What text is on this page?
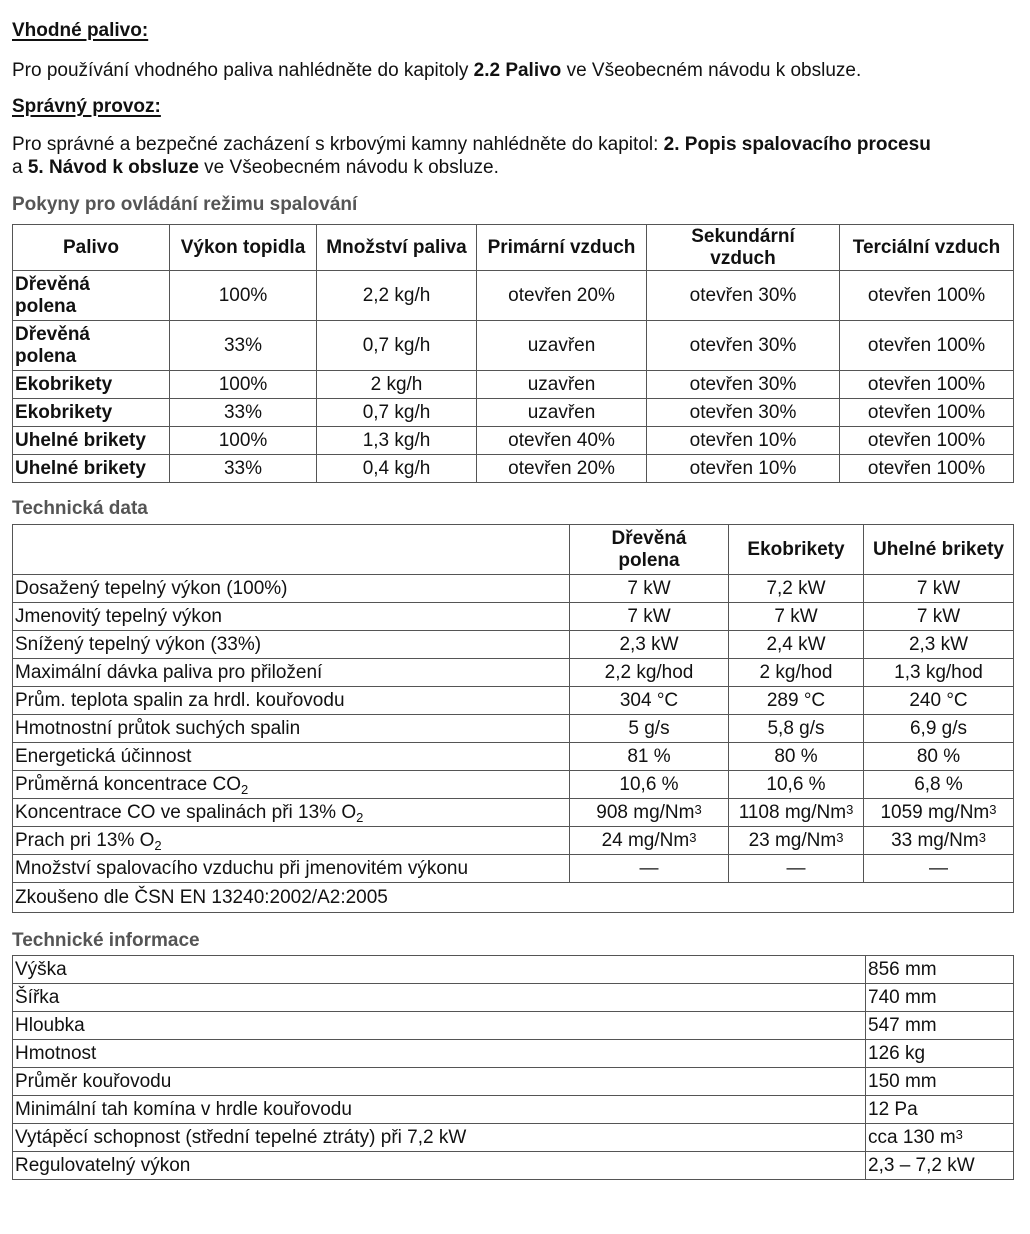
Vhodné palivo:
Pro používání vhodného paliva nahlédněte do kapitoly 2.2 Palivo ve Všeobecném návodu k obsluze.
Správný provoz:
Pro správné a bezpečné zacházení s krbovými kamny nahlédněte do kapitol: 2. Popis spalovacího procesu
a 5. Návod k obsluze ve Všeobecném návodu k obsluze.
Pokyny pro ovládání režimu spalování
Palivo	Výkon topidla	Množství paliva	Primární vzduch	Sekundární vzduch	Terciální vzduch
Dřevěná polena	100%	2,2 kg/h	otevřen 20%	otevřen 30%	otevřen 100%
Dřevěná polena	33%	0,7 kg/h	uzavřen	otevřen 30%	otevřen 100%
Ekobrikety	100%	2 kg/h	uzavřen	otevřen 30%	otevřen 100%
Ekobrikety	33%	0,7 kg/h	uzavřen	otevřen 30%	otevřen 100%
Uhelné brikety	100%	1,3 kg/h	otevřen 40%	otevřen 10%	otevřen 100%
Uhelné brikety	33%	0,4 kg/h	otevřen 20%	otevřen 10%	otevřen 100%
Technická data
	Dřevěná polena	Ekobrikety	Uhelné brikety
Dosažený tepelný výkon (100%)	7 kW	7,2 kW	7 kW
Jmenovitý tepelný výkon	7 kW	7 kW	7 kW
Snížený tepelný výkon (33%)	2,3 kW	2,4 kW	2,3 kW
Maximální dávka paliva pro přiložení	2,2 kg/hod	2 kg/hod	1,3 kg/hod
Prům. teplota spalin za hrdl. kouřovodu	304 °C	289 °C	240 °C
Hmotnostní průtok suchých spalin	5 g/s	5,8 g/s	6,9 g/s
Energetická účinnost	81 %	80 %	80 %
Průměrná koncentrace $CO_2$	10,6 %	10,6 %	6,8 %
Koncentrace CO ve spalinách při 13% $O_2$	908 mg/Nm$^3$	1108 mg/Nm$^3$	1059 mg/Nm$^3$
Prach pri 13% $O_2$	24 mg/Nm$^3$	23 mg/Nm$^3$	33 mg/Nm$^3$
Množství spalovacího vzduchu při jmenovitém výkonu	—	—	—
Zkoušeno dle ČSN EN 13240:2002/A2:2005			
Technické informace
Výška	856 mm
Šířka	740 mm
Hloubka	547 mm
Hmotnost	126 kg
Průměr kouřovodu	150 mm
Minimální tah komína v hrdle kouřovodu	12 Pa
Vytápěcí schopnost (střední tepelné ztráty) při 7,2 kW	cca 130 $m^3$
Regulovatelný výkon	2,3 – 7,2 kW
